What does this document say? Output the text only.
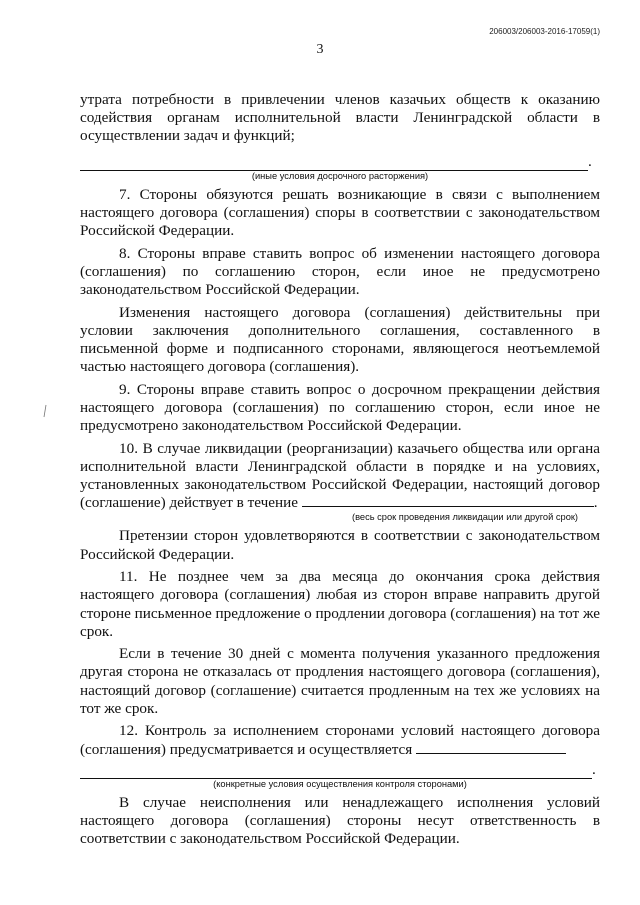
206003/206003-2016-17059(1)
3

утрата потребности в привлечении членов казачьих обществ к оказанию содействия органам исполнительной власти Ленинградской области в осуществлении задач и функций;

.
(иные условия досрочного расторжения)

7. Стороны обязуются решать возникающие в связи с выполнением настоящего договора (соглашения) споры в соответствии с законодательством Российской Федерации.

8. Стороны вправе ставить вопрос об изменении настоящего договора (соглашения) по соглашению сторон, если иное не предусмотрено законодательством Российской Федерации.

Изменения настоящего договора (соглашения) действительны при условии заключения дополнительного соглашения, составленного в письменной форме и подписанного сторонами, являющегося неотъемлемой частью настоящего договора (соглашения).

9. Стороны вправе ставить вопрос о досрочном прекращении действия настоящего договора (соглашения) по соглашению сторон, если иное не предусмотрено законодательством Российской Федерации.

10. В случае ликвидации (реорганизации) казачьего общества или органа исполнительной власти Ленинградской области в порядке и на условиях, установленных законодательством Российской Федерации, настоящий договор (соглашение) действует в течение	.

(весь срок проведения ликвидации или другой срок)

Претензии сторон удовлетворяются в соответствии с законодательством Российской Федерации.

11. Не позднее чем за два месяца до окончания срока действия настоящего договора (соглашения) любая из сторон вправе направить другой стороне письменное предложение о продлении договора (соглашения) на тот же срок.

Если в течение 30 дней с момента получения указанного предложения другая сторона не отказалась от продления настоящего договора (соглашения), настоящий договор (соглашение) считается продленным на тех же условиях на тот же срок.

12. Контроль за исполнением сторонами условий настоящего договора (соглашения) предусматривается и осуществляется

.
(конкретные условия осуществления контроля сторонами)

В случае неисполнения или ненадлежащего исполнения условий настоящего договора (соглашения) стороны несут ответственность в соответствии с законодательством Российской Федерации.
